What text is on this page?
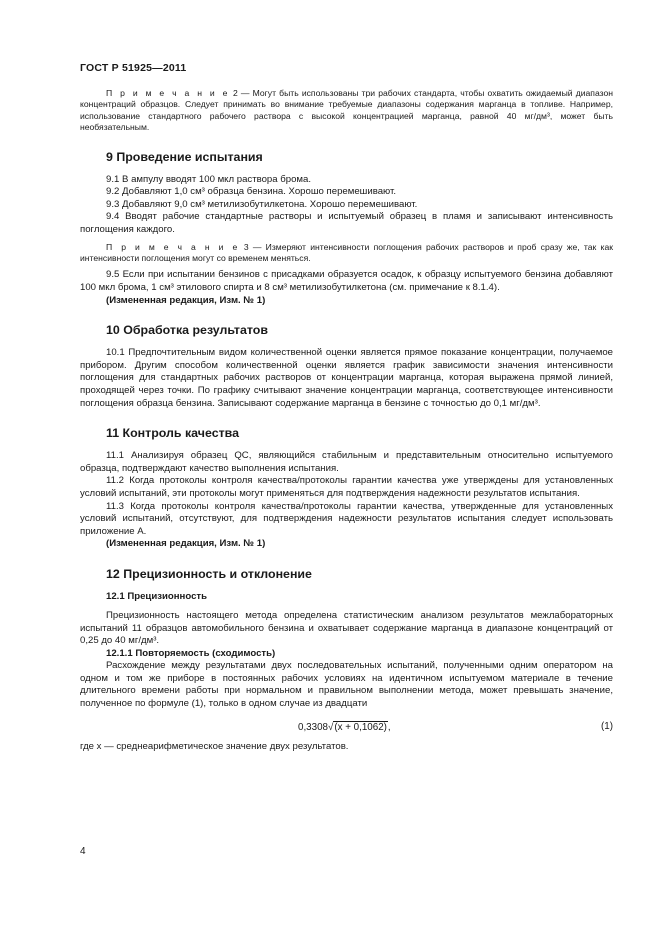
ГОСТ Р 51925—2011

П р и м е ч а н и е 2 — Могут быть использованы три рабочих стандарта, чтобы охватить ожидаемый диапазон концентраций образцов. Следует принимать во внимание требуемые диапазоны содержания марганца в топливе. Например, использование стандартного рабочего раствора с высокой концентрацией марганца, равной 40 мг/дм³, может быть необязательным.

9 Проведение испытания

9.1 В ампулу вводят 100 мкл раствора брома.

9.2 Добавляют 1,0 см³ образца бензина. Хорошо перемешивают.

9.3 Добавляют 9,0 см³ метилизобутилкетона. Хорошо перемешивают.

9.4 Вводят рабочие стандартные растворы и испытуемый образец в пламя и записывают интенсивность поглощения каждого.

П р и м е ч а н и е 3 — Измеряют интенсивности поглощения рабочих растворов и проб сразу же, так как интенсивности поглощения могут со временем меняться.

9.5 Если при испытании бензинов с присадками образуется осадок, к образцу испытуемого бензина добавляют 100 мкл брома, 1 см³ этилового спирта и 8 см³ метилизобутилкетона (см. примечание к 8.1.4).

(Измененная редакция, Изм. № 1)

10 Обработка результатов

10.1 Предпочтительным видом количественной оценки является прямое показание концентрации, получаемое прибором. Другим способом количественной оценки является график зависимости значения интенсивности поглощения для стандартных рабочих растворов от концентрации марганца, которая выражена прямой линией, проходящей через точки. По графику считывают значение концентрации марганца, соответствующее интенсивности поглощения образца бензина. Записывают содержание марганца в бензине с точностью до 0,1 мг/дм³.

11 Контроль качества

11.1 Анализируя образец QC, являющийся стабильным и представительным относительно испытуемого образца, подтверждают качество выполнения испытания.

11.2 Когда протоколы контроля качества/протоколы гарантии качества уже утверждены для установленных условий испытаний, эти протоколы могут применяться для подтверждения надежности результатов испытания.

11.3 Когда протоколы контроля качества/протоколы гарантии качества, утвержденные для установленных условий испытаний, отсутствуют, для подтверждения надежности результатов испытания следует использовать приложение А.

(Измененная редакция, Изм. № 1)

12 Прецизионность и отклонение
12.1 Прецизионность

Прецизионность настоящего метода определена статистическим анализом результатов межлабораторных испытаний 11 образцов автомобильного бензина и охватывает содержание марганца в диапазоне концентраций от 0,25 до 40 мг/дм³.

12.1.1 Повторяемость (сходимость)

Расхождение между результатами двух последовательных испытаний, полученными одним оператором на одном и том же приборе в постоянных рабочих условиях на идентичном испытуемом материале в течение длительного времени работы при нормальном и правильном выполнении метода, может превышать значение, полученное по формуле (1), только в одном случае из двадцати

0,3308√(x + 0,1062),	(1)

где x — среднеарифметическое значение двух результатов.

4
